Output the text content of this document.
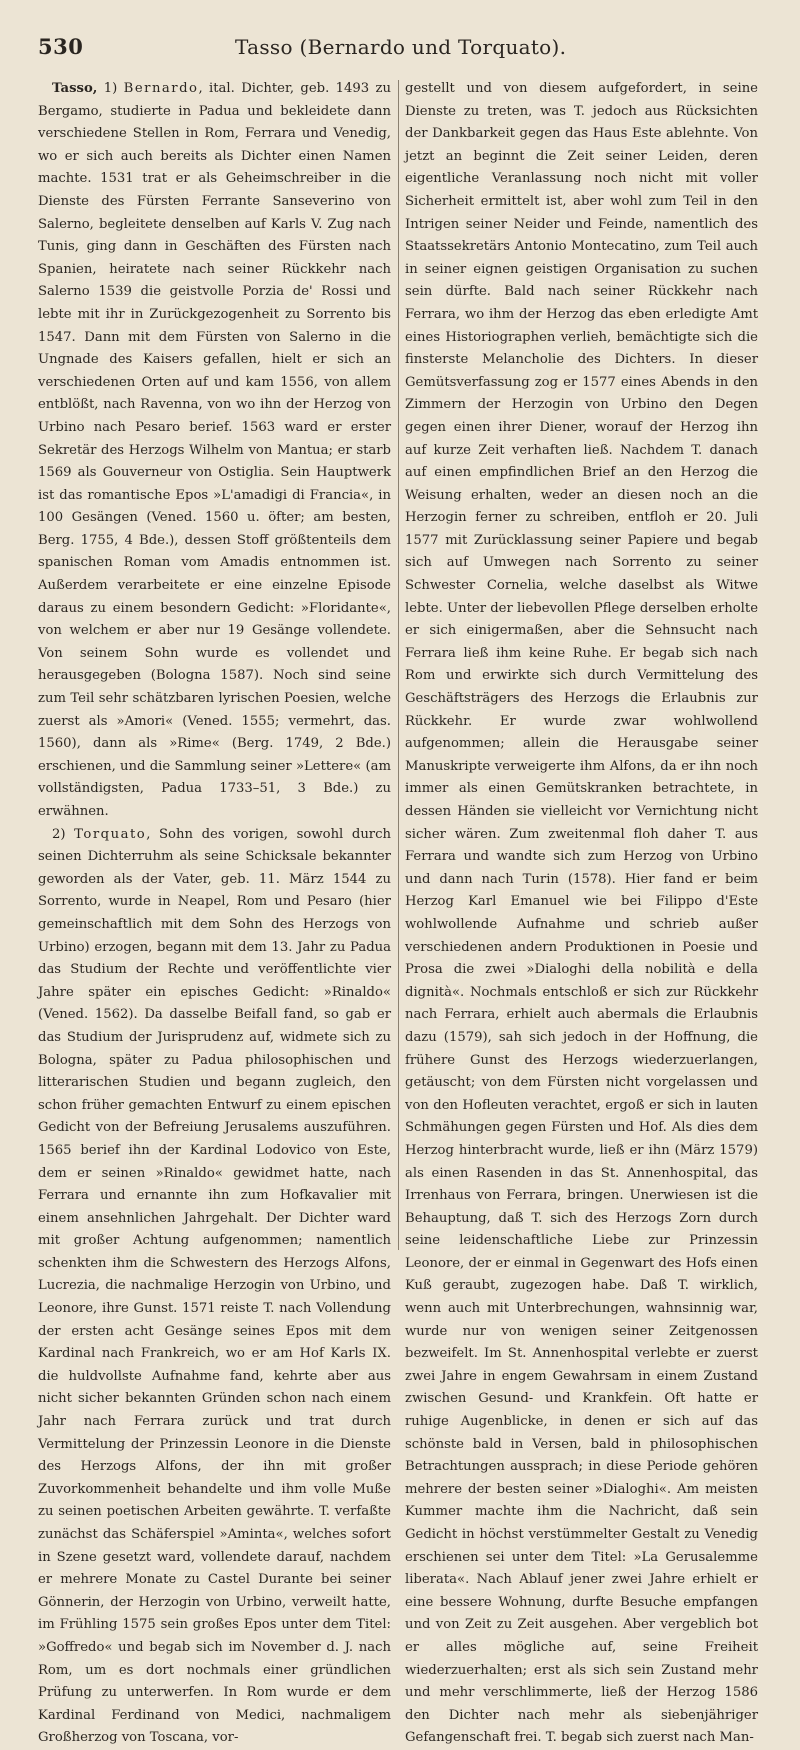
530	Tasso (Bernardo und Torquato).

Tasso, 1) Bernardo, ital. Dichter, geb. 1493 zu Bergamo, studierte in Padua und bekleidete dann verschiedene Stellen in Rom, Ferrara und Venedig, wo er sich auch bereits als Dichter einen Namen machte. 1531 trat er als Geheimschreiber in die Dienste des Fürsten Ferrante Sanseverino von Salerno, begleitete denselben auf Karls V. Zug nach Tunis, ging dann in Geschäften des Fürsten nach Spanien, heiratete nach seiner Rückkehr nach Salerno 1539 die geistvolle Porzia de' Rossi und lebte mit ihr in Zurückgezogenheit zu Sorrento bis 1547. Dann mit dem Fürsten von Salerno in die Ungnade des Kaisers gefallen, hielt er sich an verschiedenen Orten auf und kam 1556, von allem entblößt, nach Ravenna, von wo ihn der Herzog von Urbino nach Pesaro berief. 1563 ward er erster Sekretär des Herzogs Wilhelm von Mantua; er starb 1569 als Gouverneur von Ostiglia. Sein Hauptwerk ist das romantische Epos »L'amadigi di Francia«, in 100 Gesängen (Vened. 1560 u. öfter; am besten, Berg. 1755, 4 Bde.), dessen Stoff größtenteils dem spanischen Roman vom Amadis entnommen ist. Außerdem verarbeitete er eine einzelne Episode daraus zu einem besondern Gedicht: »Floridante«, von welchem er aber nur 19 Gesänge vollendete. Von seinem Sohn wurde es vollendet und herausgegeben (Bologna 1587). Noch sind seine zum Teil sehr schätzbaren lyrischen Poesien, welche zuerst als »Amori« (Vened. 1555; vermehrt, das. 1560), dann als »Rime« (Berg. 1749, 2 Bde.) erschienen, und die Sammlung seiner »Lettere« (am vollständigsten, Padua 1733–51, 3 Bde.) zu erwähnen.

2) Torquato, Sohn des vorigen, sowohl durch seinen Dichterruhm als seine Schicksale bekannter geworden als der Vater, geb. 11. März 1544 zu Sorrento, wurde in Neapel, Rom und Pesaro (hier gemeinschaftlich mit dem Sohn des Herzogs von Urbino) erzogen, begann mit dem 13. Jahr zu Padua das Studium der Rechte und veröffentlichte vier Jahre später ein episches Gedicht: »Rinaldo« (Vened. 1562). Da dasselbe Beifall fand, so gab er das Studium der Jurisprudenz auf, widmete sich zu Bologna, später zu Padua philosophischen und litterarischen Studien und begann zugleich, den schon früher gemachten Entwurf zu einem epischen Gedicht von der Befreiung Jerusalems auszuführen. 1565 berief ihn der Kardinal Lodovico von Este, dem er seinen »Rinaldo« gewidmet hatte, nach Ferrara und ernannte ihn zum Hofkavalier mit einem ansehnlichen Jahrgehalt. Der Dichter ward mit großer Achtung aufgenommen; namentlich schenkten ihm die Schwestern des Herzogs Alfons, Lucrezia, die nachmalige Herzogin von Urbino, und Leonore, ihre Gunst. 1571 reiste T. nach Vollendung der ersten acht Gesänge seines Epos mit dem Kardinal nach Frankreich, wo er am Hof Karls IX. die huldvollste Aufnahme fand, kehrte aber aus nicht sicher bekannten Gründen schon nach einem Jahr nach Ferrara zurück und trat durch Vermittelung der Prinzessin Leonore in die Dienste des Herzogs Alfons, der ihn mit großer Zuvorkommenheit behandelte und ihm volle Muße zu seinen poetischen Arbeiten gewährte. T. verfaßte zunächst das Schäferspiel »Aminta«, welches sofort in Szene gesetzt ward, vollendete darauf, nachdem er mehrere Monate zu Castel Durante bei seiner Gönnerin, der Herzogin von Urbino, verweilt hatte, im Frühling 1575 sein großes Epos unter dem Titel: »Goffredo« und begab sich im November d. J. nach Rom, um es dort nochmals einer gründlichen Prüfung zu unterwerfen. In Rom wurde er dem Kardinal Ferdinand von Medici, nachmaligem Großherzog von Toscana, vor-

gestellt und von diesem aufgefordert, in seine Dienste zu treten, was T. jedoch aus Rücksichten der Dankbarkeit gegen das Haus Este ablehnte. Von jetzt an beginnt die Zeit seiner Leiden, deren eigentliche Veranlassung noch nicht mit voller Sicherheit ermittelt ist, aber wohl zum Teil in den Intrigen seiner Neider und Feinde, namentlich des Staatssekretärs Antonio Montecatino, zum Teil auch in seiner eignen geistigen Organisation zu suchen sein dürfte. Bald nach seiner Rückkehr nach Ferrara, wo ihm der Herzog das eben erledigte Amt eines Historiographen verlieh, bemächtigte sich die finsterste Melancholie des Dichters. In dieser Gemütsverfassung zog er 1577 eines Abends in den Zimmern der Herzogin von Urbino den Degen gegen einen ihrer Diener, worauf der Herzog ihn auf kurze Zeit verhaften ließ. Nachdem T. danach auf einen empfindlichen Brief an den Herzog die Weisung erhalten, weder an diesen noch an die Herzogin ferner zu schreiben, entfloh er 20. Juli 1577 mit Zurücklassung seiner Papiere und begab sich auf Umwegen nach Sorrento zu seiner Schwester Cornelia, welche daselbst als Witwe lebte. Unter der liebevollen Pflege derselben erholte er sich einigermaßen, aber die Sehnsucht nach Ferrara ließ ihm keine Ruhe. Er begab sich nach Rom und erwirkte sich durch Vermittelung des Geschäftsträgers des Herzogs die Erlaubnis zur Rückkehr. Er wurde zwar wohlwollend aufgenommen; allein die Herausgabe seiner Manuskripte verweigerte ihm Alfons, da er ihn noch immer als einen Gemütskranken betrachtete, in dessen Händen sie vielleicht vor Vernichtung nicht sicher wären. Zum zweitenmal floh daher T. aus Ferrara und wandte sich zum Herzog von Urbino und dann nach Turin (1578). Hier fand er beim Herzog Karl Emanuel wie bei Filippo d'Este wohlwollende Aufnahme und schrieb außer verschiedenen andern Produktionen in Poesie und Prosa die zwei »Dialoghi della nobilità e della dignità«. Nochmals entschloß er sich zur Rückkehr nach Ferrara, erhielt auch abermals die Erlaubnis dazu (1579), sah sich jedoch in der Hoffnung, die frühere Gunst des Herzogs wiederzuerlangen, getäuscht; von dem Fürsten nicht vorgelassen und von den Hofleuten verachtet, ergoß er sich in lauten Schmähungen gegen Fürsten und Hof. Als dies dem Herzog hinterbracht wurde, ließ er ihn (März 1579) als einen Rasenden in das St. Annenhospital, das Irrenhaus von Ferrara, bringen. Unerwiesen ist die Behauptung, daß T. sich des Herzogs Zorn durch seine leidenschaftliche Liebe zur Prinzessin Leonore, der er einmal in Gegenwart des Hofs einen Kuß geraubt, zugezogen habe. Daß T. wirklich, wenn auch mit Unterbrechungen, wahnsinnig war, wurde nur von wenigen seiner Zeitgenossen bezweifelt. Im St. Annenhospital verlebte er zuerst zwei Jahre in engem Gewahrsam in einem Zustand zwischen Gesund- und Krankfein. Oft hatte er ruhige Augenblicke, in denen er sich auf das schönste bald in Versen, bald in philosophischen Betrachtungen aussprach; in diese Periode gehören mehrere der besten seiner »Dialoghi«. Am meisten Kummer machte ihm die Nachricht, daß sein Gedicht in höchst verstümmelter Gestalt zu Venedig erschienen sei unter dem Titel: »La Gerusalemme liberata«. Nach Ablauf jener zwei Jahre erhielt er eine bessere Wohnung, durfte Besuche empfangen und von Zeit zu Zeit ausgehen. Aber vergeblich bot er alles mögliche auf, seine Freiheit wiederzuerhalten; erst als sich sein Zustand mehr und mehr verschlimmerte, ließ der Herzog 1586 den Dichter nach mehr als siebenjähriger Gefangenschaft frei. T. begab sich zuerst nach Man-
